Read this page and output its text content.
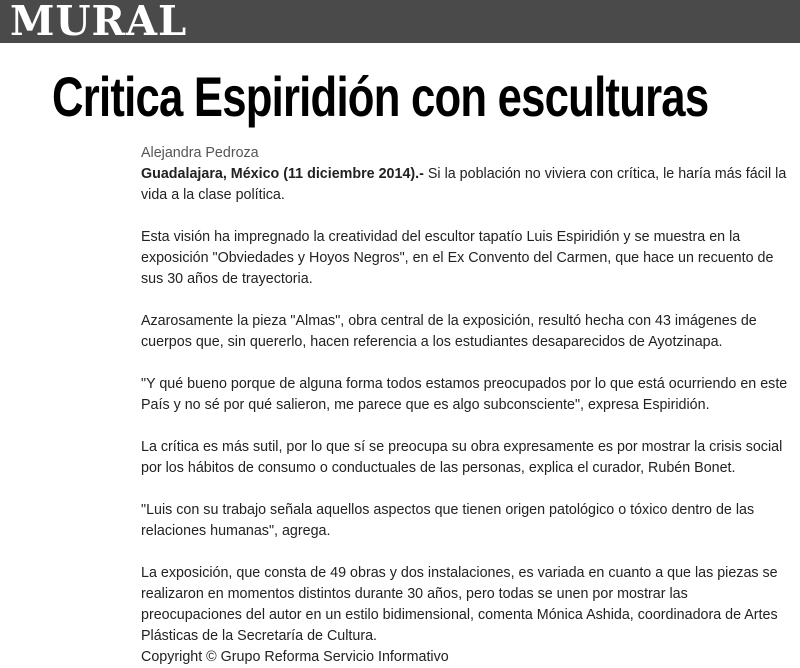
MURAL
Critica Espiridión con esculturas
Alejandra Pedroza

Guadalajara, México (11 diciembre 2014).- Si la población no viviera con crítica, le haría más fácil la vida a la clase política.

Esta visión ha impregnado la creatividad del escultor tapatío Luis Espiridión y se muestra en la exposición "Obviedades y Hoyos Negros", en el Ex Convento del Carmen, que hace un recuento de sus 30 años de trayectoria.

Azarosamente la pieza "Almas", obra central de la exposición, resultó hecha con 43 imágenes de cuerpos que, sin quererlo, hacen referencia a los estudiantes desaparecidos de Ayotzinapa.

"Y qué bueno porque de alguna forma todos estamos preocupados por lo que está ocurriendo en este País y no sé por qué salieron, me parece que es algo subconsciente", expresa Espiridión.

La crítica es más sutil, por lo que sí se preocupa su obra expresamente es por mostrar la crisis social por los hábitos de consumo o conductuales de las personas, explica el curador, Rubén Bonet.

"Luis con su trabajo señala aquellos aspectos que tienen origen patológico o tóxico dentro de las relaciones humanas", agrega.

La exposición, que consta de 49 obras y dos instalaciones, es variada en cuanto a que las piezas se realizaron en momentos distintos durante 30 años, pero todas se unen por mostrar las preocupaciones del autor en un estilo bidimensional, comenta Mónica Ashida, coordinadora de Artes Plásticas de la Secretaría de Cultura.

Copyright © Grupo Reforma Servicio Informativo
